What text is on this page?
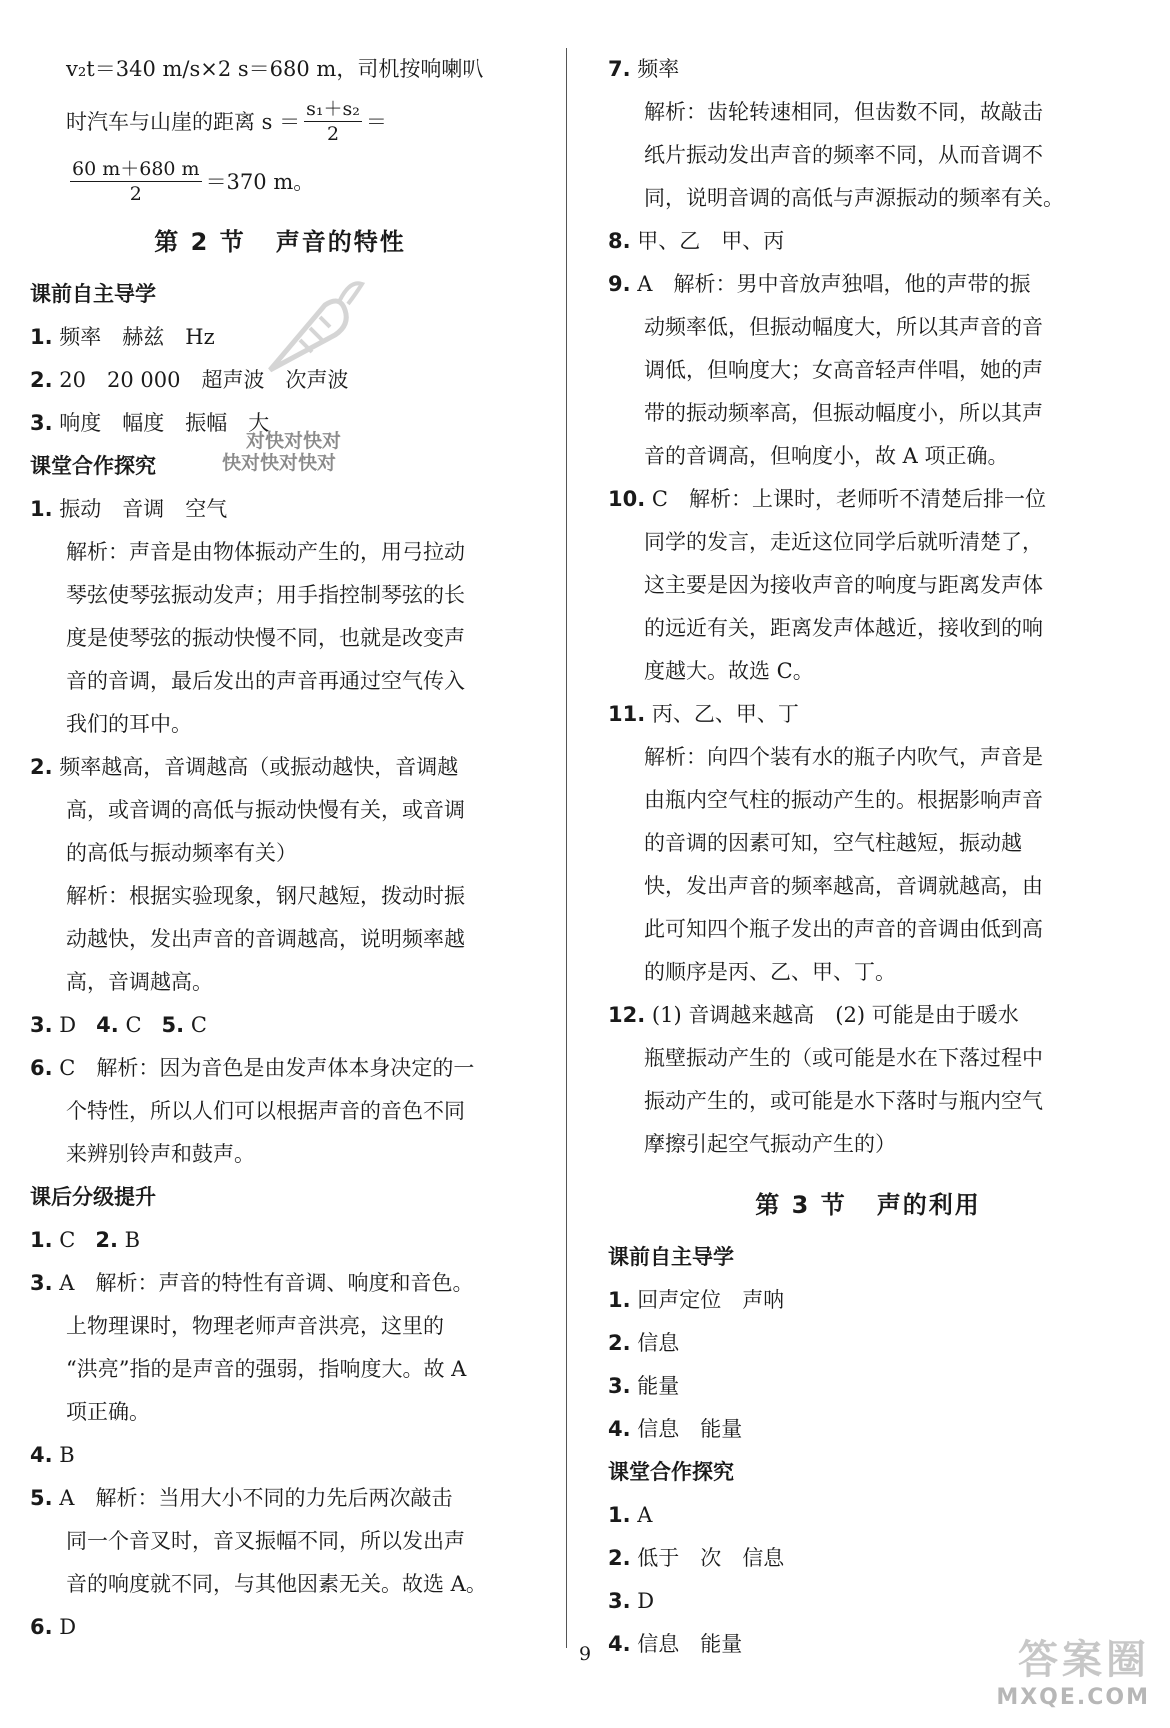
v₂t＝340 m/s×2 s＝680 m，司机按响喇叭
时汽车与山崖的距离 $s = \frac{\text{s₁＋s₂}}{2}$ ＝
$\frac{60 m+680 m}{2} =370$ m。
第 2 节 声音的特性
课前自主导学
1. 频率　赫兹　Hz
2. 20　20 000　超声波　次声波
3. 响度　幅度　振幅　大
课堂合作探究
1. 振动　音调　空气
解析：声音是由物体振动产生的，用弓拉动
琴弦使琴弦振动发声；用手指控制琴弦的长
度是使琴弦的振动快慢不同，也就是改变声
音的音调，最后发出的声音再通过空气传入
我们的耳中。
2. 频率越高，音调越高（或振动越快，音调越
高，或音调的高低与振动快慢有关，或音调
的高低与振动频率有关）
解析：根据实验现象，钢尺越短，拨动时振
动越快，发出声音的音调越高，说明频率越
高，音调越高。
3. D 4. C 5. C
6. C　解析：因为音色是由发声体本身决定的一
个特性，所以人们可以根据声音的音色不同
来辨别铃声和鼓声。
课后分级提升
1. C 2. B
3. A　解析：声音的特性有音调、响度和音色。
上物理课时，物理老师声音洪亮，这里的
“洪亮”指的是声音的强弱，指响度大。故 A
项正确。
4. B
5. A　解析：当用大小不同的力先后两次敲击
同一个音叉时，音叉振幅不同，所以发出声
音的响度就不同，与其他因素无关。故选 A。
6. D
7. 频率
解析：齿轮转速相同，但齿数不同，故敲击
纸片振动发出声音的频率不同，从而音调不
同，说明音调的高低与声源振动的频率有关。
8. 甲、乙　甲、丙
9. A　解析：男中音放声独唱，他的声带的振
动频率低，但振动幅度大，所以其声音的音
调低，但响度大；女高音轻声伴唱，她的声
带的振动频率高，但振动幅度小，所以其声
音的音调高，但响度小，故 A 项正确。
10. C　解析：上课时，老师听不清楚后排一位
同学的发言，走近这位同学后就听清楚了，
这主要是因为接收声音的响度与距离发声体
的远近有关，距离发声体越近，接收到的响
度越大。故选 C。
11. 丙、乙、甲、丁
解析：向四个装有水的瓶子内吹气，声音是
由瓶内空气柱的振动产生的。根据影响声音
的音调的因素可知，空气柱越短，振动越
快，发出声音的频率越高，音调就越高，由
此可知四个瓶子发出的声音的音调由低到高
的顺序是丙、乙、甲、丁。
12. (1) 音调越来越高　(2) 可能是由于暖水
瓶壁振动产生的（或可能是水在下落过程中
振动产生的，或可能是水下落时与瓶内空气
摩擦引起空气振动产生的）
第 3 节 声的利用
课前自主导学
1. 回声定位　声呐
2. 信息
3. 能量
4. 信息　能量
课堂合作探究
1. A
2. 低于　次　信息
3. D
4. 信息　能量
对快对快对
快对快对快对
9	答案圈
MXQE.COM
